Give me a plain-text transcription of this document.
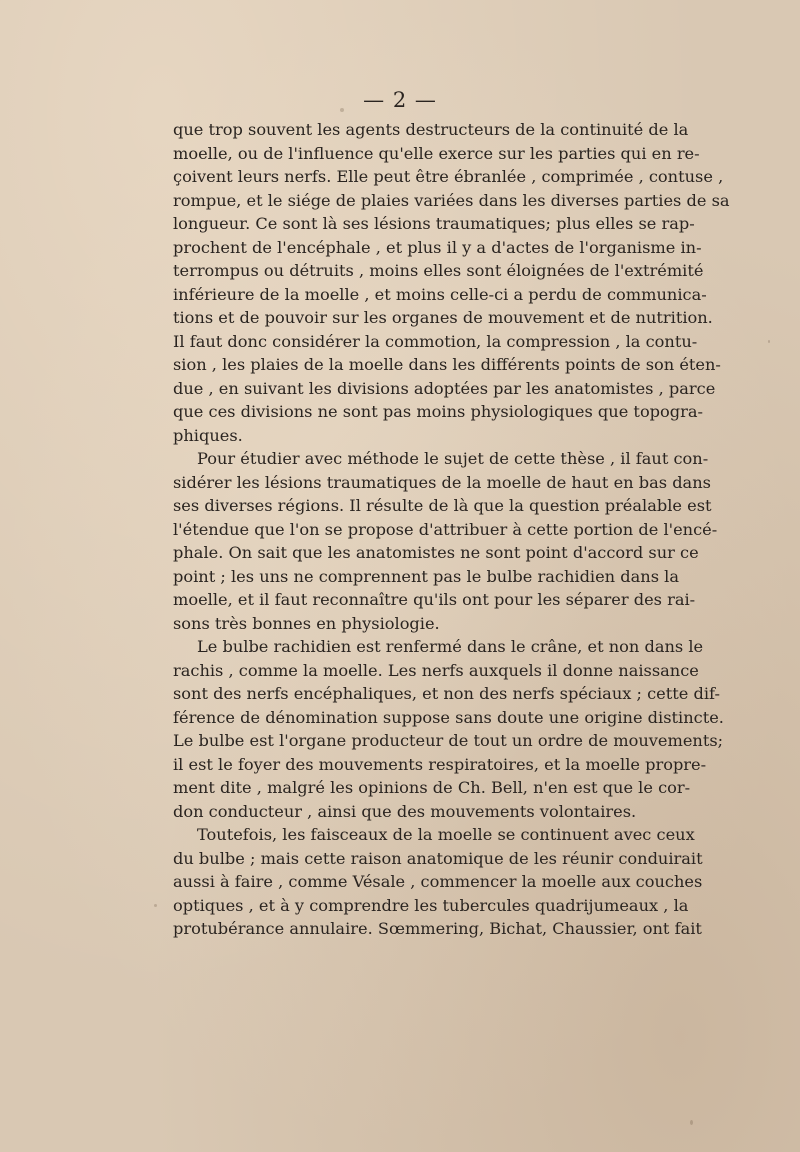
— 2 —
que trop souvent les agents destructeurs de la continuité de la
moelle, ou de l'influence qu'elle exerce sur les parties qui en re-
çoivent leurs nerfs. Elle peut être ébranlée , comprimée , contuse ,
rompue, et le siége de plaies variées dans les diverses parties de sa
longueur. Ce sont là ses lésions traumatiques; plus elles se rap-
prochent de l'encéphale , et plus il y a d'actes de l'organisme in-
terrompus ou détruits , moins elles sont éloignées de l'extrémité
inférieure de la moelle , et moins celle-ci a perdu de communica-
tions et de pouvoir sur les organes de mouvement et de nutrition.
Il faut donc considérer la commotion, la compression , la contu-
sion , les plaies de la moelle dans les différents points de son éten-
due , en suivant les divisions adoptées par les anatomistes , parce
que ces divisions ne sont pas moins physiologiques que topogra-
phiques.
Pour étudier avec méthode le sujet de cette thèse , il faut con-
sidérer les lésions traumatiques de la moelle de haut en bas dans
ses diverses régions. Il résulte de là que la question préalable est
l'étendue que l'on se propose d'attribuer à cette portion de l'encé-
phale. On sait que les anatomistes ne sont point d'accord sur ce
point ; les uns ne comprennent pas le bulbe rachidien dans la
moelle, et il faut reconnaître qu'ils ont pour les séparer des rai-
sons très bonnes en physiologie.
Le bulbe rachidien est renfermé dans le crâne, et non dans le
rachis , comme la moelle. Les nerfs auxquels il donne naissance
sont des nerfs encéphaliques, et non des nerfs spéciaux ; cette dif-
férence de dénomination suppose sans doute une origine distincte.
Le bulbe est l'organe producteur de tout un ordre de mouvements;
il est le foyer des mouvements respiratoires, et la moelle propre-
ment dite , malgré les opinions de Ch. Bell, n'en est que le cor-
don conducteur , ainsi que des mouvements volontaires.
Toutefois, les faisceaux de la moelle se continuent avec ceux
du bulbe ; mais cette raison anatomique de les réunir conduirait
aussi à faire , comme Vésale , commencer la moelle aux couches
optiques , et à y comprendre les tubercules quadrijumeaux , la
protubérance annulaire. Sœmmering, Bichat, Chaussier, ont fait
